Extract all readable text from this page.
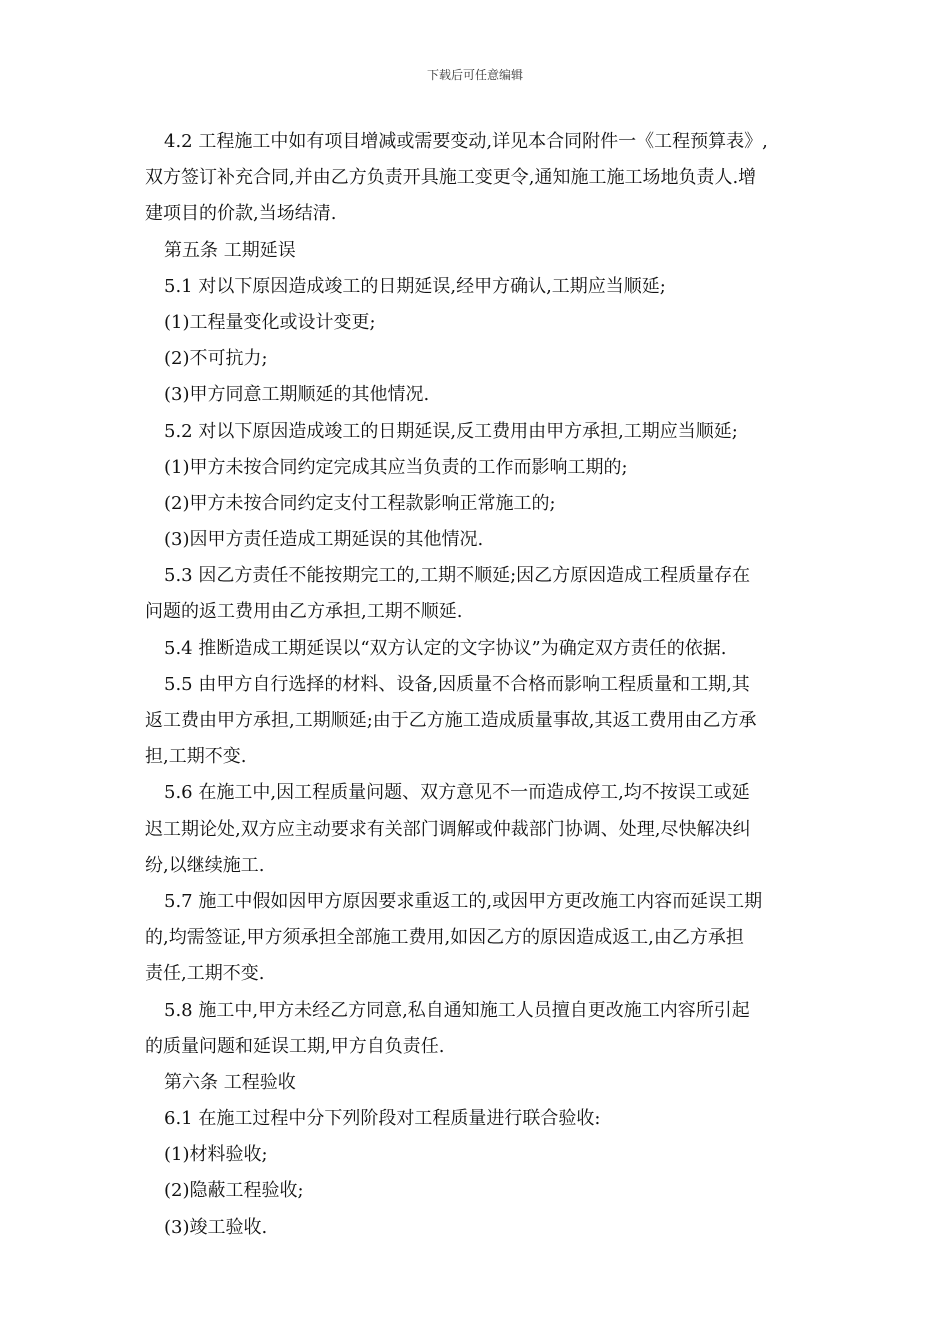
下载后可任意编辑
4.2 工程施工中如有项目增减或需要变动,详见本合同附件一《工程预算表》,
双方签订补充合同,并由乙方负责开具施工变更令,通知施工施工场地负责人.增
建项目的价款,当场结清.
第五条 工期延误
5.1 对以下原因造成竣工的日期延误,经甲方确认,工期应当顺延;
(1)工程量变化或设计变更;
(2)不可抗力;
(3)甲方同意工期顺延的其他情况.
5.2 对以下原因造成竣工的日期延误,反工费用由甲方承担,工期应当顺延;
(1)甲方未按合同约定完成其应当负责的工作而影响工期的;
(2)甲方未按合同约定支付工程款影响正常施工的;
(3)因甲方责任造成工期延误的其他情况.
5.3 因乙方责任不能按期完工的,工期不顺延;因乙方原因造成工程质量存在
问题的返工费用由乙方承担,工期不顺延.
5.4 推断造成工期延误以“双方认定的文字协议”为确定双方责任的依据.
5.5 由甲方自行选择的材料、设备,因质量不合格而影响工程质量和工期,其
返工费由甲方承担,工期顺延;由于乙方施工造成质量事故,其返工费用由乙方承
担,工期不变.
5.6 在施工中,因工程质量问题、双方意见不一而造成停工,均不按误工或延
迟工期论处,双方应主动要求有关部门调解或仲裁部门协调、处理,尽快解决纠
纷,以继续施工.
5.7 施工中假如因甲方原因要求重返工的,或因甲方更改施工内容而延误工期
的,均需签证,甲方须承担全部施工费用,如因乙方的原因造成返工,由乙方承担
责任,工期不变.
5.8 施工中,甲方未经乙方同意,私自通知施工人员擅自更改施工内容所引起
的质量问题和延误工期,甲方自负责任.
第六条 工程验收
6.1 在施工过程中分下列阶段对工程质量进行联合验收:
(1)材料验收;
(2)隐蔽工程验收;
(3)竣工验收.
